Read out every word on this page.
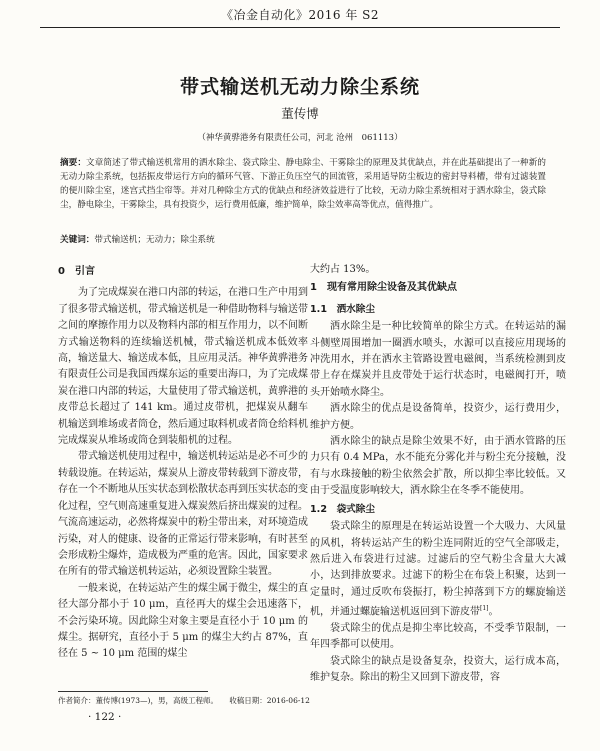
《冶金自动化》2016 年 S2
带式输送机无动力除尘系统
董传博
（神华黄骅港务有限责任公司，河北 沧州　061113）
摘要：文章简述了带式输送机常用的洒水除尘、袋式除尘、静电除尘、干雾除尘的原理及其优缺点，并在此基础提出了一种新的无动力除尘系统，包括振皮带运行方向的循环气管、下游正负压空气的回流管，采用适导防尘板边的密封导料槽，带有过滤装置的便川除尘室，迷宫式挡尘帘等。并对几种除尘方式的优缺点和经济效益进行了比较，无动力除尘系统相对于洒水除尘，袋式除尘，静电除尘，干雾除尘，具有投资少，运行费用低廉，维护简单，除尘效率高等优点，值得推广。
关键词：带式输送机；无动力；除尘系统
0　引言
为了完成煤炭在港口内部的转运，在港口生产中用到了很多带式输送机，带式输送机是一种借助物料与输送带之间的摩擦作用力以及物料内部的相互作用力，以不间断方式输送物料的连续输送机械，带式输送机成本低效率高，输送量大、输送成本低，且应用灵活。神华黄骅港务有限责任公司是我国西煤东运的重要出海口，为了完成煤炭在港口内部的转运，大量使用了带式输送机，黄骅港的皮带总长超过了 141 km。通过皮带机，把煤炭从翻车机输送到堆场或者筒仓，然后通过取料机或者筒仓给料机完成煤炭从堆场或筒仓到装船机的过程。
带式输送机使用过程中，输送机转运站是必不可少的转载设施。在转运站，煤炭从上游皮带转载到下游皮带，存在一个不断地从压实状态到松散状态再到压实状态的变化过程，空气则高速重复进入煤炭然后挤出煤炭的过程。气流高速运动，必然将煤炭中的粉尘带出来，对环境造成污染，对人的健康、设备的正常运行带来影响，有时甚至会形成粉尘爆炸，造成极为严重的危害。因此，国家要求在所有的带式输送机转运站，必须设置除尘装置。
一般来说，在转运站产生的煤尘属于微尘，煤尘的直径大部分都小于 10 μm，直径再大的煤尘会迅速落下，不会污染环境。因此除尘对象主要是直径小于 10 μm 的煤尘。据研究，直径小于 5 μm 的煤尘大约占 87%，直径在 5 ~ 10 μm 范围的煤尘
大约占 13%。
1　现有常用除尘设备及其优缺点
1.1　洒水除尘
洒水除尘是一种比较简单的除尘方式。在转运站的漏斗侧壁周围增加一圈洒水喷头，水源可以直接应用现场的冲洗用水，并在洒水主管路设置电磁阀，当系统检测到皮带上存在煤炭并且皮带处于运行状态时，电磁阀打开，喷头开始喷水降尘。
洒水除尘的优点是设备简单，投资少，运行费用少，维护方便。
洒水除尘的缺点是除尘效果不好，由于洒水管路的压力只有 0.4 MPa，水不能充分雾化并与粉尘充分接触，没有与水珠接触的粉尘依然会扩散，所以抑尘率比较低。又由于受温度影响较大，洒水除尘在冬季不能使用。
1.2　袋式除尘
袋式除尘的原理是在转运站设置一个大吸力、大风量的风机，将转运站产生的粉尘连同附近的空气全部吸走，然后进入布袋进行过滤。过滤后的空气粉尘含量大大减小，达到排放要求。过滤下的粉尘在布袋上积聚，达到一定量时，通过反吹布袋振打，粉尘掉落到下方的螺旋输送机，并通过螺旋输送机返回到下游皮带[1]。
袋式除尘的优点是抑尘率比较高，不受季节限制，一年四季都可以使用。
袋式除尘的缺点是设备复杂，投资大，运行成本高，维护复杂。除出的粉尘又回到下游皮带，容
作者简介：董传博(1973—)，男，高级工程师。　　收稿日期：2016-06-12
· 122 ·
